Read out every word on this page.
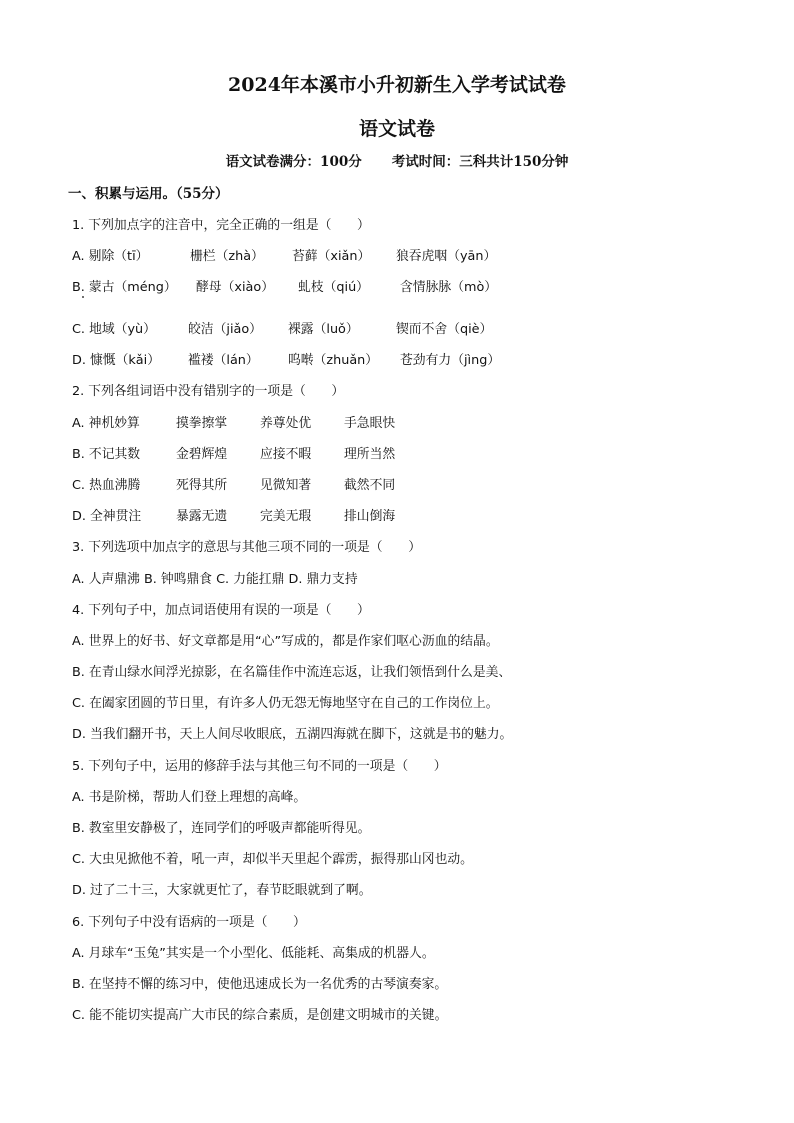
2024年本溪市小升初新生入学考试试卷
语文试卷
语文试卷满分：100分 考试时间：三科共计150分钟
一、积累与运用。（55分）
1. 下列加点字的注音中，完全正确的一组是（　　）
A. 剔除（tī）	栅栏（zhà） 苔藓（xiǎn） 狼吞虎咽（yān）
B. 蒙古（méng） 酵母（xiào） 虬枝（qiú） 含情脉脉（mò）
C. 地域（yù）	皎洁（jiǎo） 裸露（luǒ）	锲而不舍（qiè）
D. 慷慨（kǎi） 褴褛（lán） 呜啭（zhuǎn） 苍劲有力（jìng）
2. 下列各组词语中没有错别字的一项是（　　）
A. 神机妙算	摸拳擦掌	养尊处优	手急眼快
B. 不记其数	金碧辉煌	应接不暇	理所当然
C. 热血沸腾	死得其所	见微知著	截然不同
D. 全神贯注	暴露无遗	完美无瑕	排山倒海
3. 下列选项中加点字的意思与其他三项不同的一项是（　　）
A. 人声鼎沸 B. 钟鸣鼎食 C. 力能扛鼎 D. 鼎力支持
4. 下列句子中，加点词语使用有误的一项是（　　）
A. 世界上的好书、好文章都是用“心”写成的，都是作家们呕心沥血的结晶。
B. 在青山绿水间浮光掠影，在名篇佳作中流连忘返，让我们领悟到什么是美、
C. 在阖家团圆的节日里，有许多人仍无怨无悔地坚守在自己的工作岗位上。
D. 当我们翻开书，天上人间尽收眼底，五湖四海就在脚下，这就是书的魅力。
5. 下列句子中，运用的修辞手法与其他三句不同的一项是（　　）
A. 书是阶梯，帮助人们登上理想的高峰。
B. 教室里安静极了，连同学们的呼吸声都能听得见。
C. 大虫见掀他不着，吼一声，却似半天里起个霹雳，振得那山冈也动。
D. 过了二十三，大家就更忙了，春节眨眼就到了啊。
6. 下列句子中没有语病的一项是（　　）
A. 月球车“玉兔”其实是一个小型化、低能耗、高集成的机器人。
B. 在坚持不懈的练习中，使他迅速成长为一名优秀的古琴演奏家。
C. 能不能切实提高广大市民的综合素质，是创建文明城市的关键。
